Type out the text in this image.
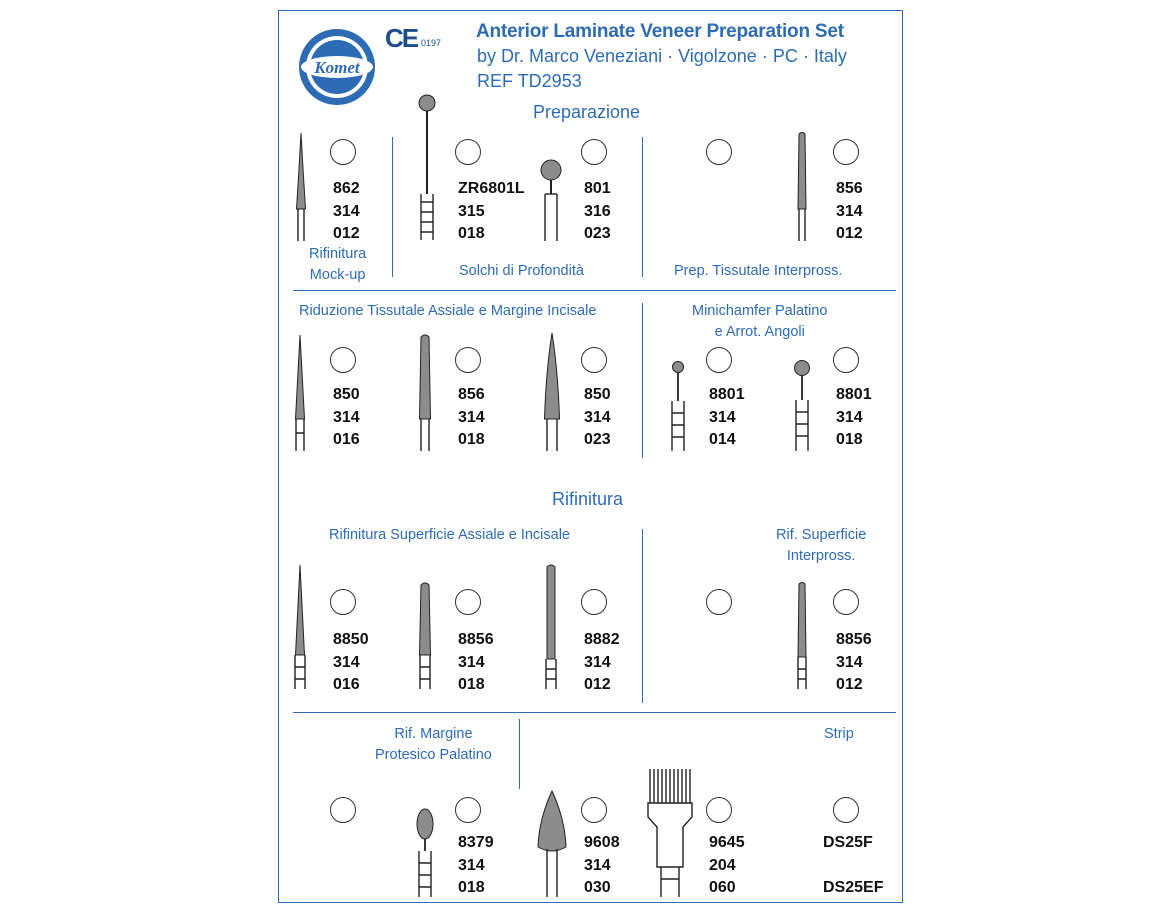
Komet
CE 0197
Anterior Laminate Veneer Preparation Set
by Dr. Marco Veneziani · Vigolzone · PC · Italy
REF TD2953
Preparazione
862
314
012
Rifinitura
Mock-up
ZR6801L
315
018
801
316
023
Solchi di Profondità
856
314
012
Prep. Tissutale Interpross.
Riduzione Tissutale Assiale e Margine Incisale	Minichamfer Palatino
e Arrot. Angoli
850
314
016
856
314
018
850
314
023
8801
314
014
8801
314
018
Rifinitura
Rifinitura Superficie Assiale e Incisale	Rif. Superficie
Interpross.
8850
314
016
8856
314
018
8882
314
012
8856
314
012
Rif. Margine
Protesico Palatino
Strip
8379
314
018
9608
314
030
9645
204
060
DS25F
DS25EF
